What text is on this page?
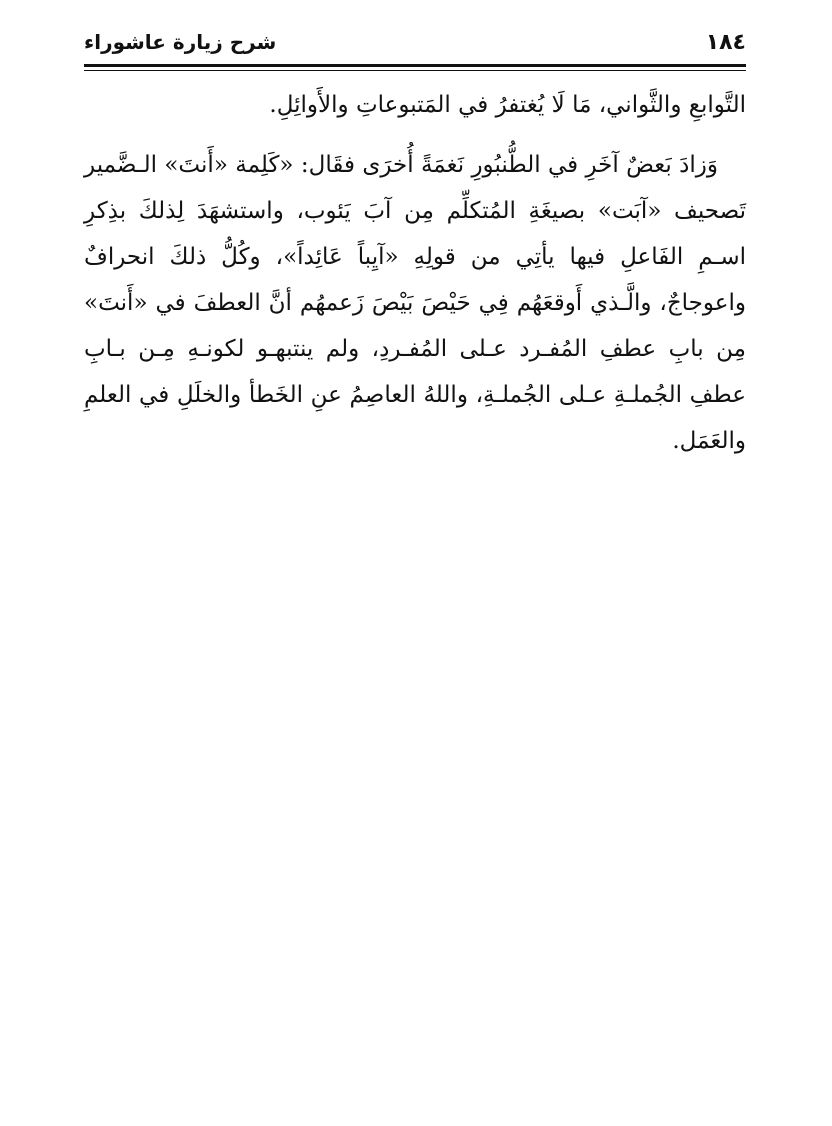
١٨٤
شرح زيارة عاشوراء

التَّوابعِ والثَّواني، مَا لَا يُغتفرُ في المَتبوعاتِ والأَوائِلِ.

وَزادَ بَعضٌ آخَرِ في الطُّنبُورِ نَغمَةً أُخرَى فقَال: «كَلِمة «أَنتَ» الـضَّمير تَصحيف «آبَت» بصيغَةِ المُتكلِّم مِن آبَ يَئوب، واستشهَدَ لِذلكَ بذِكرِ اسـمِ الفَاعلِ فيها يأتِي من قولِهِ «آيِباً عَائِداً»، وكُلُّ ذلكَ انحرافٌ واعوجاجٌ، والَّـذي أَوقعَهُم فِي حَيْصَ بَيْصَ زَعمهُم أنَّ العطفَ في «أَنتَ» مِن بابِ عطفِ المُفـرد عـلى المُفـردِ، ولم ينتبهـو لكونـهِ مِـن بـابِ عطفِ الجُملـةِ عـلى الجُملـةِ، واللهُ العاصِمُ عنِ الخَطأ والخلَلِ في العلمِ والعَمَل.
